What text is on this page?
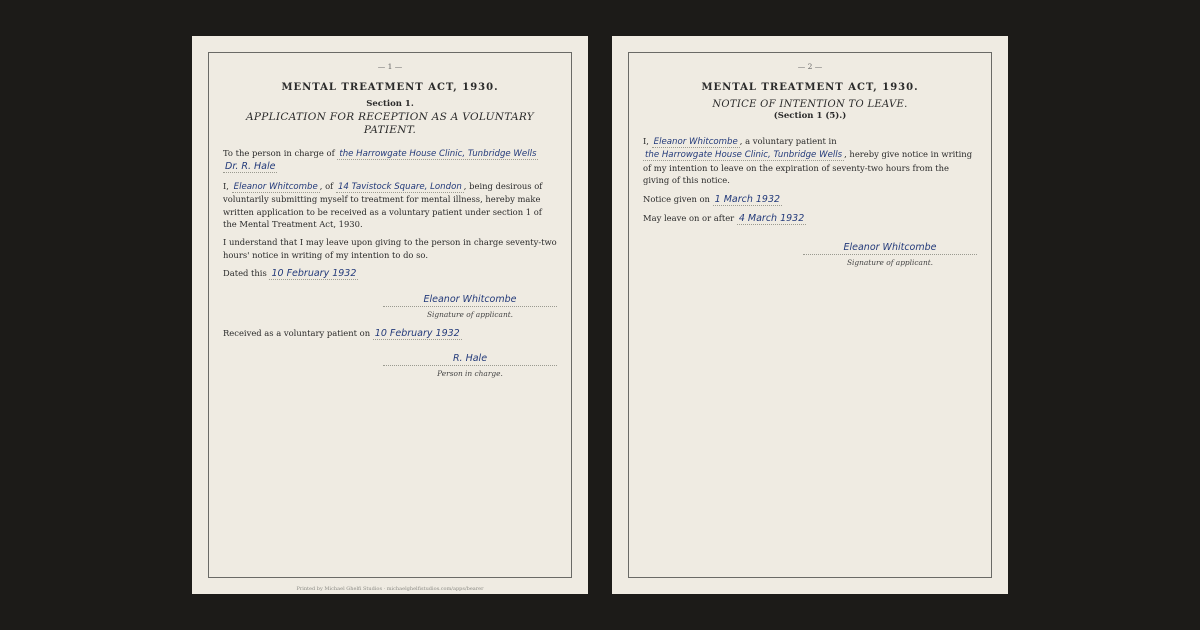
— 1 —
MENTAL TREATMENT ACT, 1930.
Section 1.
APPLICATION FOR RECEPTION AS A VOLUNTARY PATIENT.
To the person in charge of the Harrowgate House Clinic, Tunbridge Wells
Dr. R. Hale
I, Eleanor Whitcombe , of 14 Tavistock Square, London , being desirous of voluntarily submitting myself to treatment for mental illness, hereby make written application to be received as a voluntary patient under section 1 of the Mental Treatment Act, 1930.
I understand that I may leave upon giving to the person in charge seventy-two hours' notice in writing of my intention to do so.
Dated this 10 February 1932
Eleanor Whitcombe
Signature of applicant.
Received as a voluntary patient on 10 February 1932
R. Hale
Person in charge.
Printed by Michael Ghelfi Studios · michaelghelfistudios.com/apps/bearer
— 2 —
MENTAL TREATMENT ACT, 1930.
NOTICE OF INTENTION TO LEAVE.
(Section 1 (5).)
I, Eleanor Whitcombe , a voluntary patient in
the Harrowgate House Clinic, Tunbridge Wells , hereby give notice in writing of my intention to leave on the expiration of seventy-two hours from the giving of this notice.
Notice given on 1 March 1932
May leave on or after 4 March 1932
Eleanor Whitcombe
Signature of applicant.
